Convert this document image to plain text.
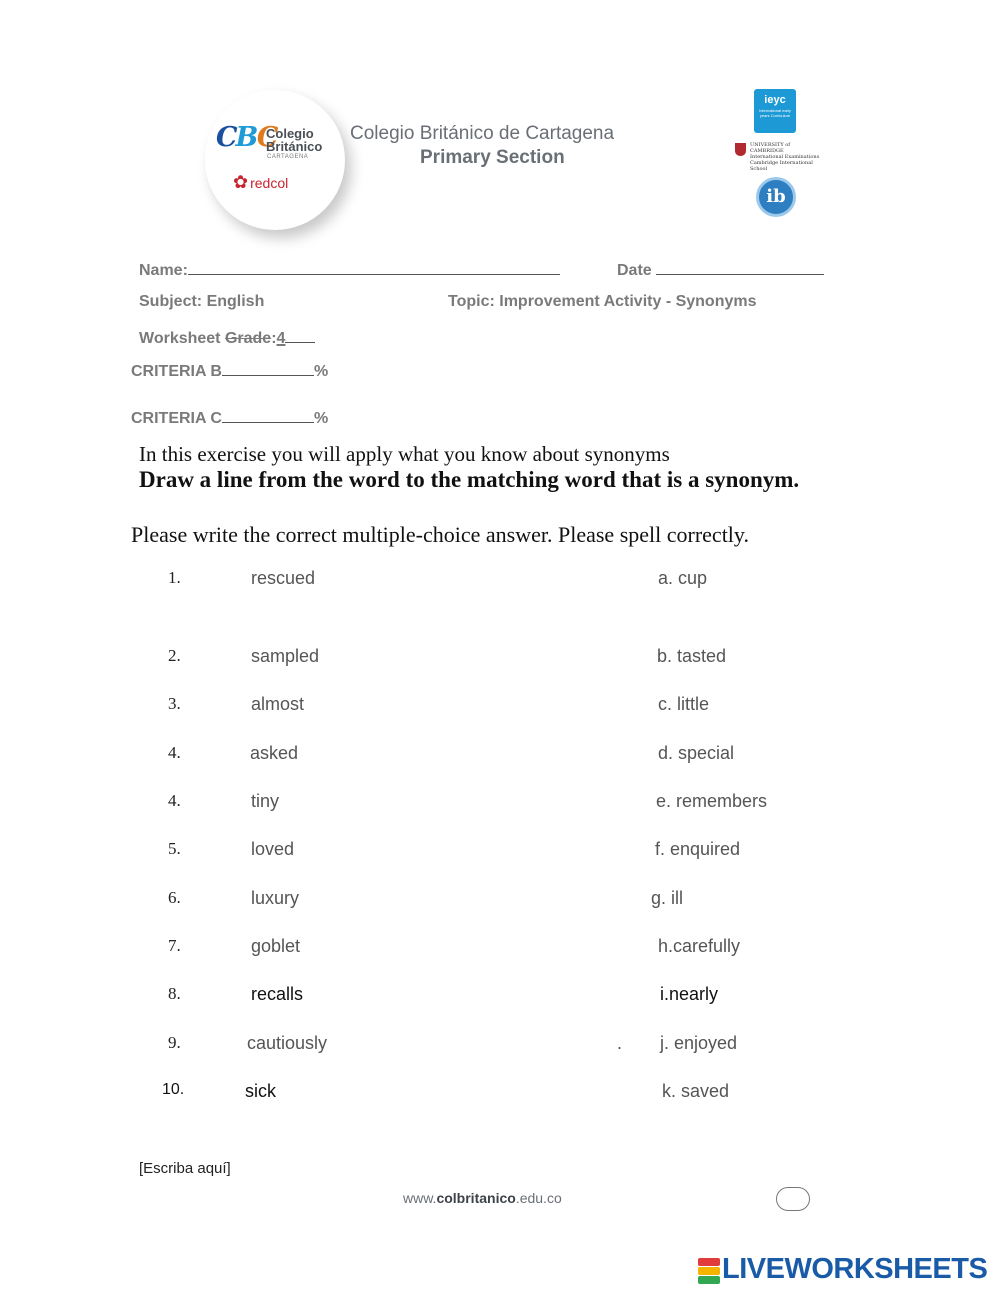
CBC
Colegio
Británico
CARTAGENA
✿ redcol
Colegio Británico de Cartagena
Primary Section
ieyc
International early years Curriculum
UNIVERSITY of CAMBRIDGE
International Examinations
Cambridge International School
ib
Name:	Date
Subject: English	Topic: Improvement Activity - Synonyms
Worksheet Grade:4
CRITERIA B	%
CRITERIA C	%
In this exercise you will apply what you know about synonyms
Draw a line from the word to the matching word that is a synonym.
Please write the correct multiple-choice answer. Please spell correctly.
1.	rescued	a. cup
2.	sampled	b. tasted
3.	almost	c. little
4.	asked	d. special
4.	tiny	e. remembers
5.	loved	f. enquired
6.	luxury	g. ill
7.	goblet	h.carefully
8.	recalls	i.nearly
9.	cautiously	. j. enjoyed
10.	sick	k. saved
[Escriba aquí]
www.colbritanico.edu.co
LIVEWORKSHEETS
